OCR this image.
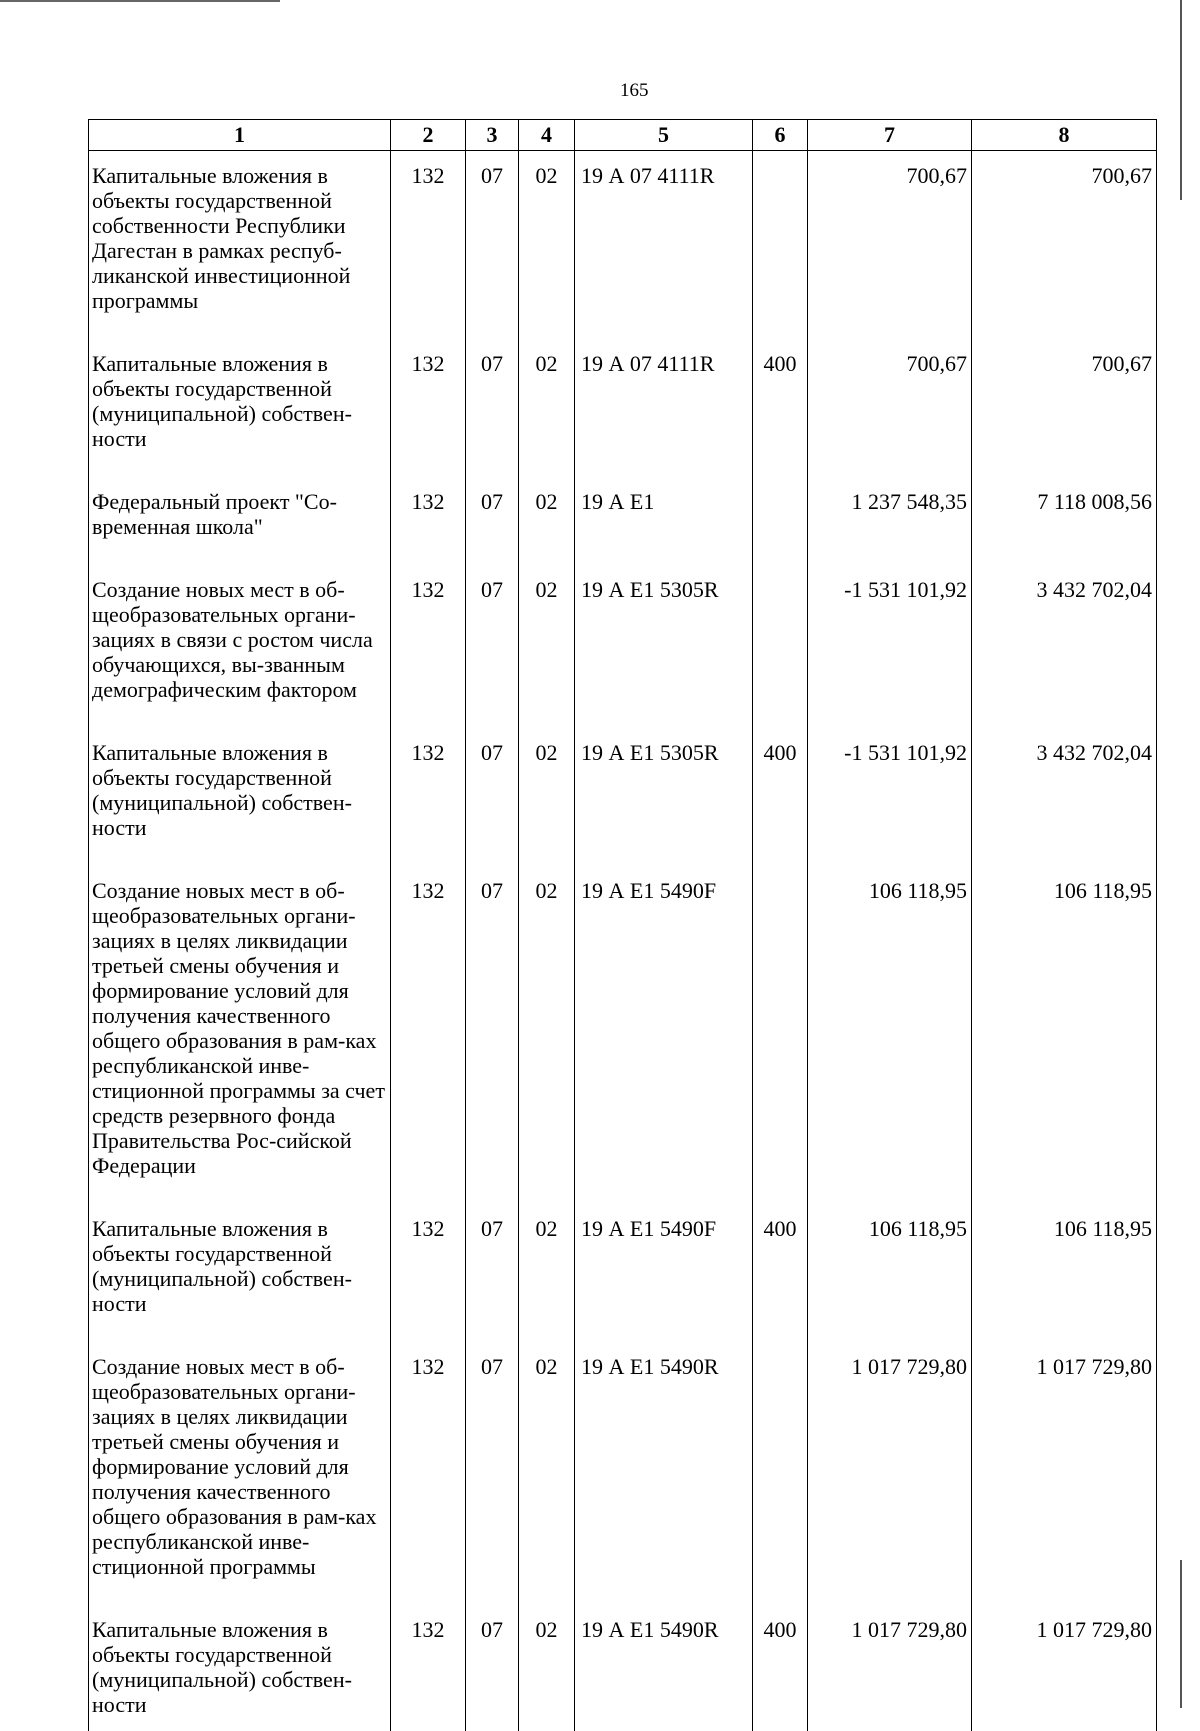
165
1	2	3	4	5	6	7	8
Капитальные вложения в объекты государственной собственности Республики Дагестан в рамках респуб-ликанской инвестиционной программы	132	07	02	19 А 07 4111R		700,67	700,67
Капитальные вложения в объекты государственной (муниципальной) собствен-ности	132	07	02	19 А 07 4111R	400	700,67	700,67
Федеральный проект "Со-временная школа"	132	07	02	19 А Е1		1 237 548,35	7 118 008,56
Создание новых мест в об-щеобразовательных органи-зациях в связи с ростом числа обучающихся, вы-званным демографическим фактором	132	07	02	19 А Е1 5305R		-1 531 101,92	3 432 702,04
Капитальные вложения в объекты государственной (муниципальной) собствен-ности	132	07	02	19 А Е1 5305R	400	-1 531 101,92	3 432 702,04
Создание новых мест в об-щеобразовательных органи-зациях в целях ликвидации третьей смены обучения и формирование условий для получения качественного общего образования в рам-ках республиканской инве-стиционной программы за счет средств резервного фонда Правительства Рос-сийской Федерации	132	07	02	19 А Е1 5490F		106 118,95	106 118,95
Капитальные вложения в объекты государственной (муниципальной) собствен-ности	132	07	02	19 А Е1 5490F	400	106 118,95	106 118,95
Создание новых мест в об-щеобразовательных органи-зациях в целях ликвидации третьей смены обучения и формирование условий для получения качественного общего образования в рам-ках республиканской инве-стиционной программы	132	07	02	19 А Е1 5490R		1 017 729,80	1 017 729,80
Капитальные вложения в объекты государственной (муниципальной) собствен-ности	132	07	02	19 А Е1 5490R	400	1 017 729,80	1 017 729,80
